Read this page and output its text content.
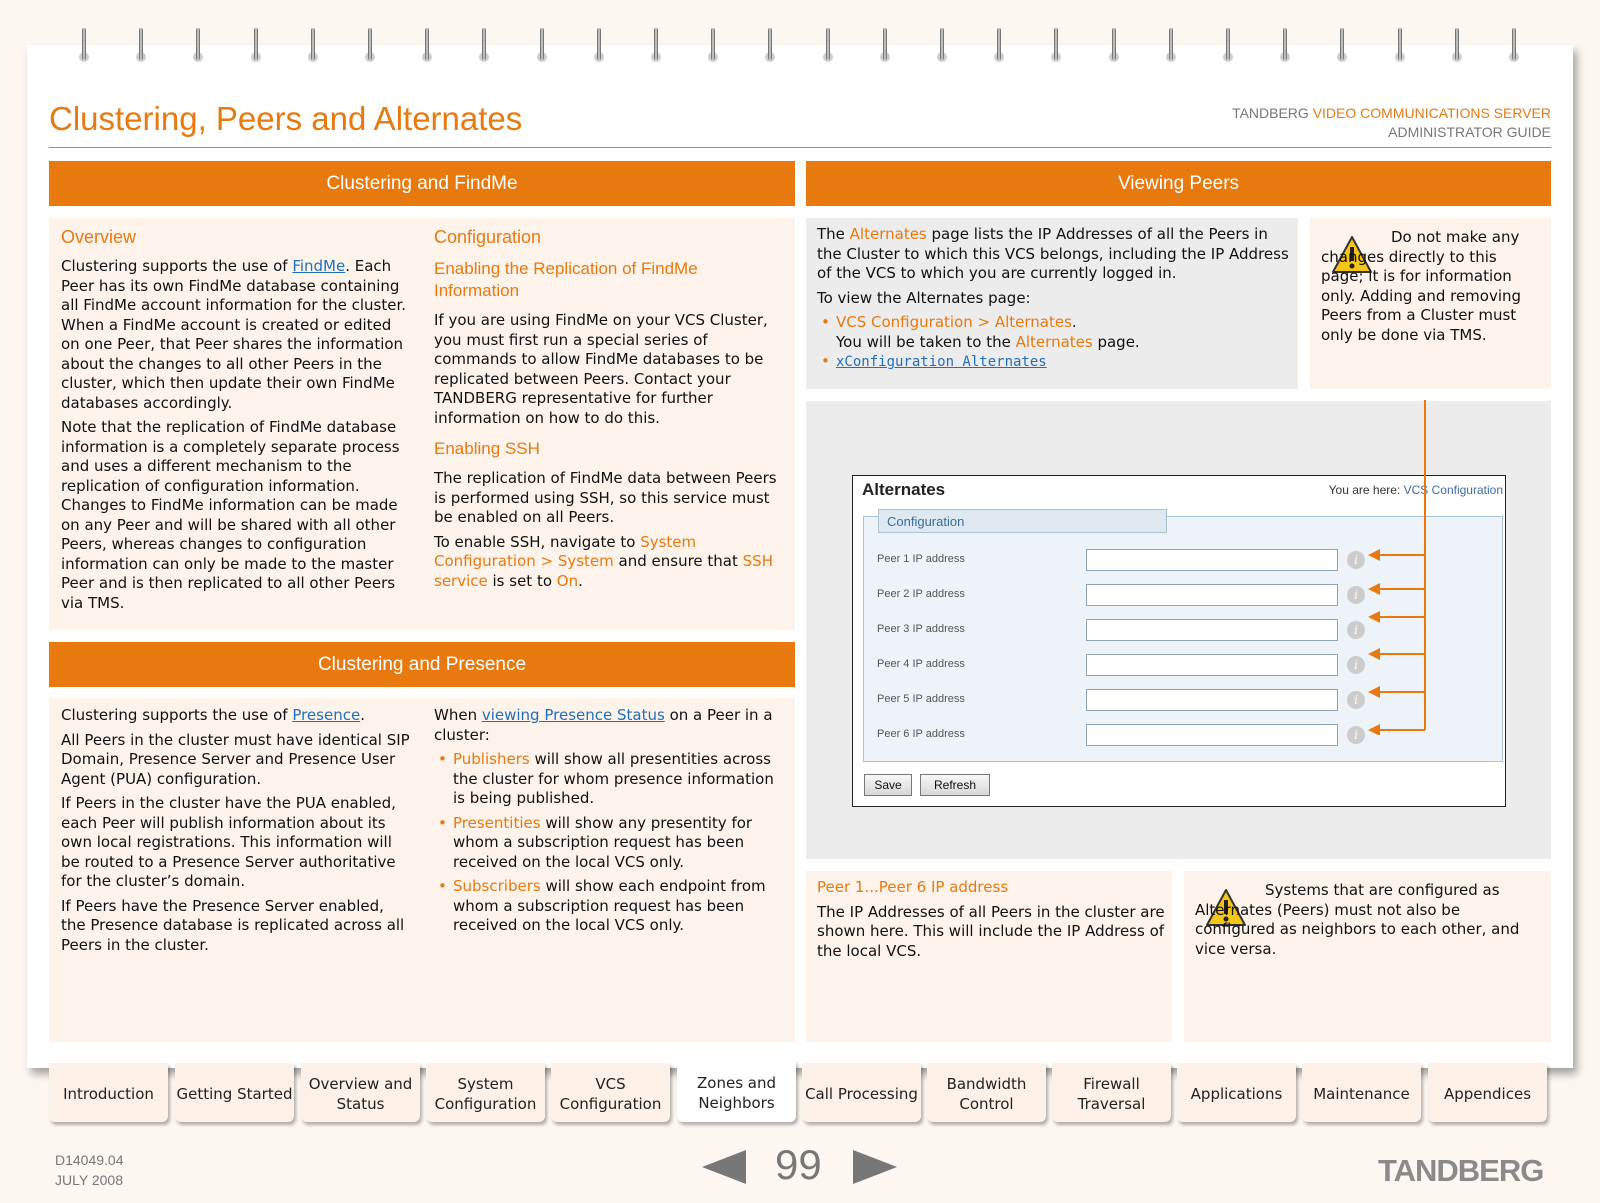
Clustering, Peers and Alternates	TANDBERG VIDEO COMMUNICATIONS SERVER
ADMINISTRATOR GUIDE
Clustering and FindMe
Overview

Clustering supports the use of FindMe. Each Peer has its own FindMe database containing all FindMe account information for the cluster. When a FindMe account is created or edited on one Peer, that Peer shares the information about the changes to all other Peers in the cluster, which then update their own FindMe databases accordingly.

Note that the replication of FindMe database information is a completely separate process and uses a different mechanism to the replication of configuration information. Changes to FindMe information can be made on any Peer and will be shared with all other Peers, whereas changes to configuration information can only be made to the master Peer and is then replicated to all other Peers via TMS.

Configuration
Enabling the Replication of FindMe Information

If you are using FindMe on your VCS Cluster, you must first run a special series of commands to allow FindMe databases to be replicated between Peers. Contact your TANDBERG representative for further information on how to do this.

Enabling SSH

The replication of FindMe data between Peers is performed using SSH, so this service must be enabled on all Peers.

To enable SSH, navigate to System Configuration > System and ensure that SSH service is set to On.

Clustering and Presence

Clustering supports the use of Presence.

All Peers in the cluster must have identical SIP Domain, Presence Server and Presence User Agent (PUA) configuration.

If Peers in the cluster have the PUA enabled, each Peer will publish information about its own local registrations. This information will be routed to a Presence Server authoritative for the cluster’s domain.

If Peers have the Presence Server enabled, the Presence database is replicated across all Peers in the cluster.

When viewing Presence Status on a Peer in a cluster:

• Publishers will show all presentities across the cluster for whom presence information is being published.
• Presentities will show any presentity for whom a subscription request has been received on the local VCS only.
• Subscribers will show each endpoint from whom a subscription request has been received on the local VCS only.
Viewing Peers

The Alternates page lists the IP Addresses of all the Peers in the Cluster to which this VCS belongs, including the IP Address of the VCS to which you are currently logged in.

To view the Alternates page:

• VCS Configuration > Alternates.
You will be taken to the Alternates page.
• xConfiguration Alternates

Do not make any changes directly to this page; it is for information only. Adding and removing Peers from a Cluster must only be done via TMS.

Alternates	You are here: VCS Configuration
Configuration
Peer 1 IP address	i
Peer 2 IP address	i
Peer 3 IP address	i
Peer 4 IP address	i
Peer 5 IP address	i
Peer 6 IP address	i
Save	Refresh

Peer 1...Peer 6 IP address

The IP Addresses of all Peers in the cluster are shown here. This will include the IP Address of the local VCS.

Systems that are configured as Alternates (Peers) must not also be configured as neighbors to each other, and vice versa.

Introduction	Getting Started
Overview and Status
System Configuration
VCS Configuration
Zones and Neighbors	Call Processing
Bandwidth Control
Firewall Traversal
Applications	Maintenance	Appendices
D14049.04
JULY 2008	99	TANDBERG
